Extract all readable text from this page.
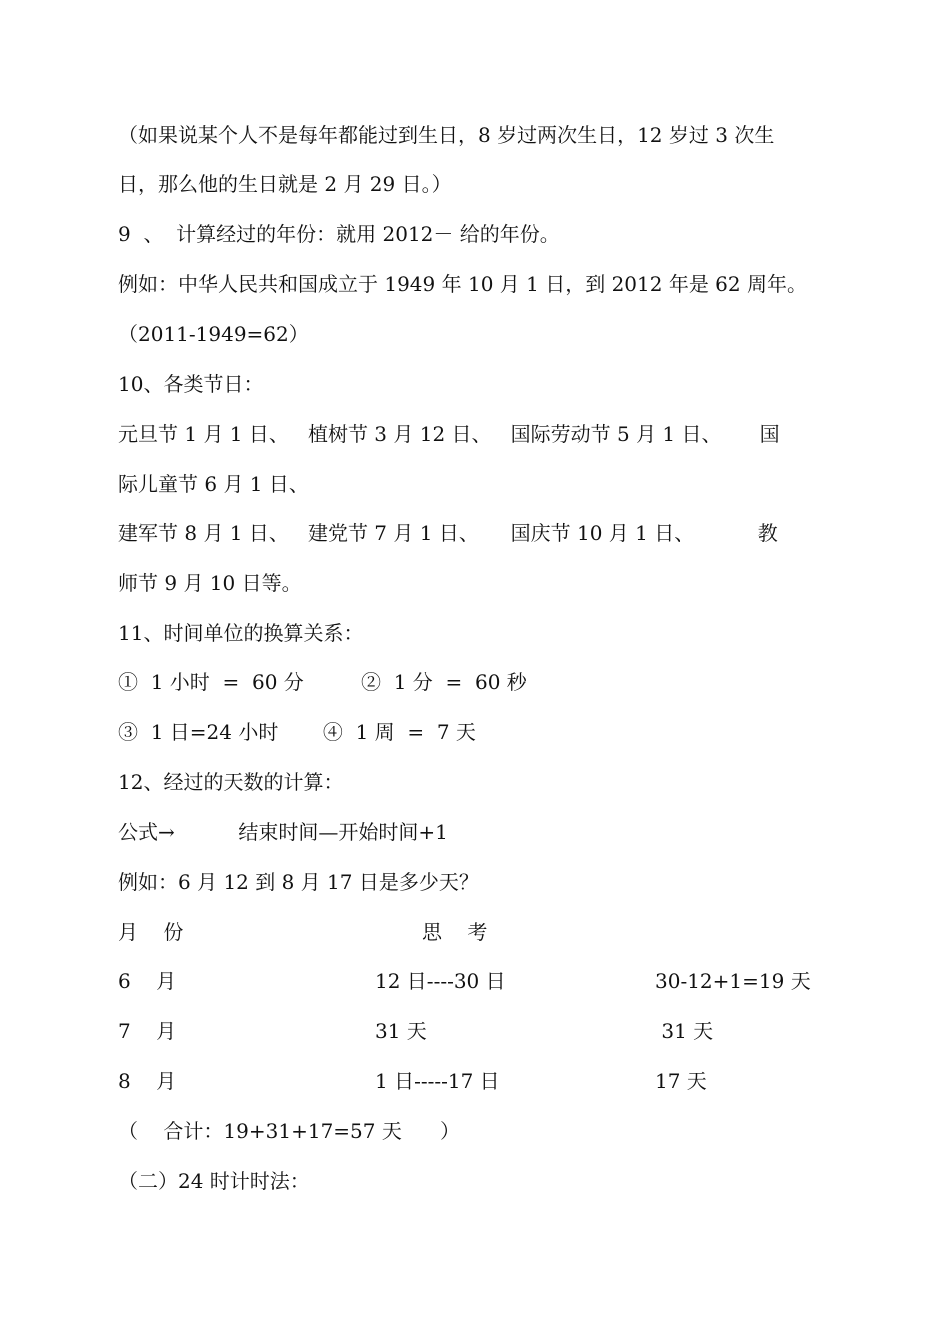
（如果说某个人不是每年都能过到生日，8 岁过两次生日，12 岁过 3 次生
日，那么他的生日就是 2 月 29 日。）
9  、  计算经过的年份：就用 2012－ 给的年份。
例如：中华人民共和国成立于 1949 年 10 月 1 日，到 2012 年是 62 周年。
（2011-1949=62）
10、各类节日：
元旦节 1 月 1 日、   植树节 3 月 12 日、   国际劳动节 5 月 1 日、      国
际儿童节 6 月 1 日、
建军节 8 月 1 日、   建党节 7 月 1 日、     国庆节 10 月 1 日、          教
师节 9 月 10 日等。
11、时间单位的换算关系：
①  1 小时  =  60 分         ②  1 分  =  60 秒
③  1 日=24 小时       ④  1 周  =  7 天
12、经过的天数的计算：
公式→          结束时间—开始时间+1
例如：6 月 12 到 8 月 17 日是多少天？
月    份	思    考
6    月	12 日----30 日	30-12+1=19 天
7    月	31 天	31 天
8    月	1 日-----17 日	17 天
（    合计：19+31+17=57 天      ）
（二）24 时计时法：
